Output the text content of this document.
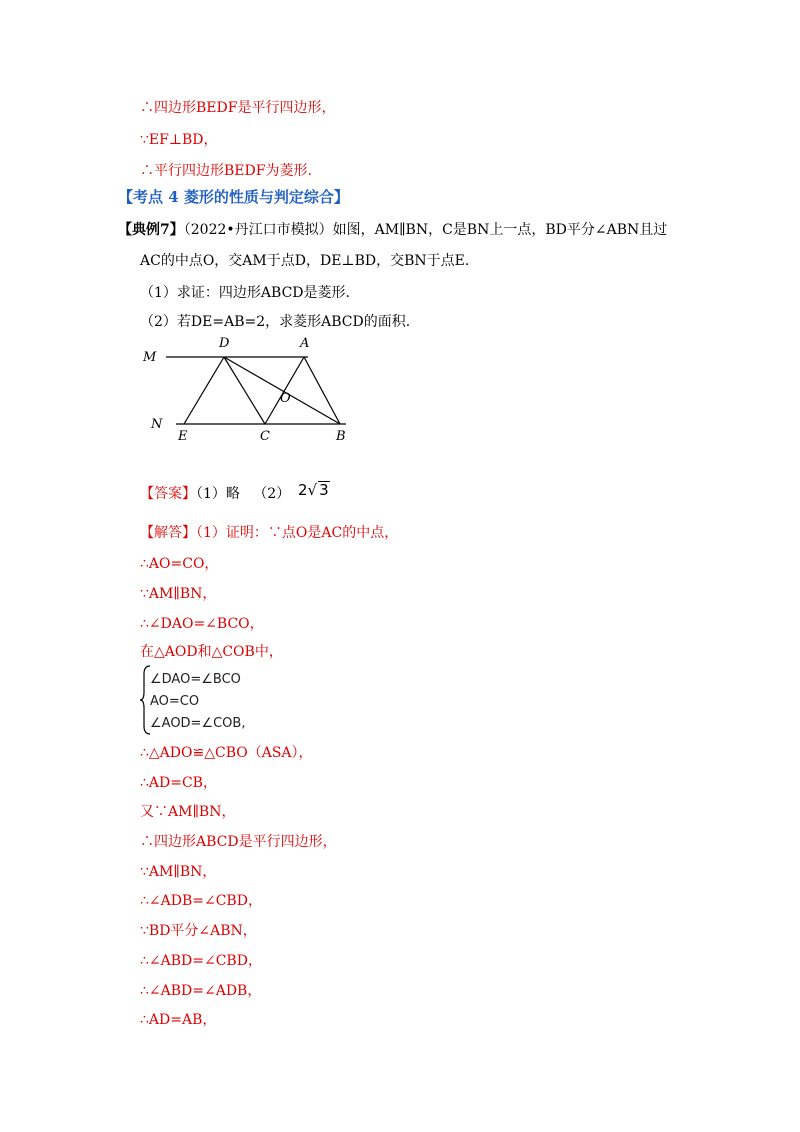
∴四边形BEDF是平行四边形，
∵EF⊥BD，
∴平行四边形BEDF为菱形.
【考点 4 菱形的性质与判定综合】
【典例7】（2022•丹江口市模拟）如图，AM∥BN，C是BN上一点，BD平分∠ABN且过
AC的中点O，交AM于点D，DE⊥BD，交BN于点E.
（1）求证：四边形ABCD是菱形.
（2）若DE=AB=2，求菱形ABCD的面积.
M
D	A
O
N
E	C	B
【答案】（1）略 （2） 2√ 3
【解答】（1）证明：∵点O是AC的中点，
∴AO=CO，
∵AM∥BN，
∴∠DAO=∠BCO，
在△AOD和△COB中，
∠DAO=∠BCO
AO=CO
∠AOD=∠COB,
∴△ADO≌△CBO（ASA），
∴AD=CB，
又∵AM∥BN，
∴四边形ABCD是平行四边形，
∵AM∥BN，
∴∠ADB=∠CBD，
∵BD平分∠ABN，
∴∠ABD=∠CBD，
∴∠ABD=∠ADB，
∴AD=AB，
